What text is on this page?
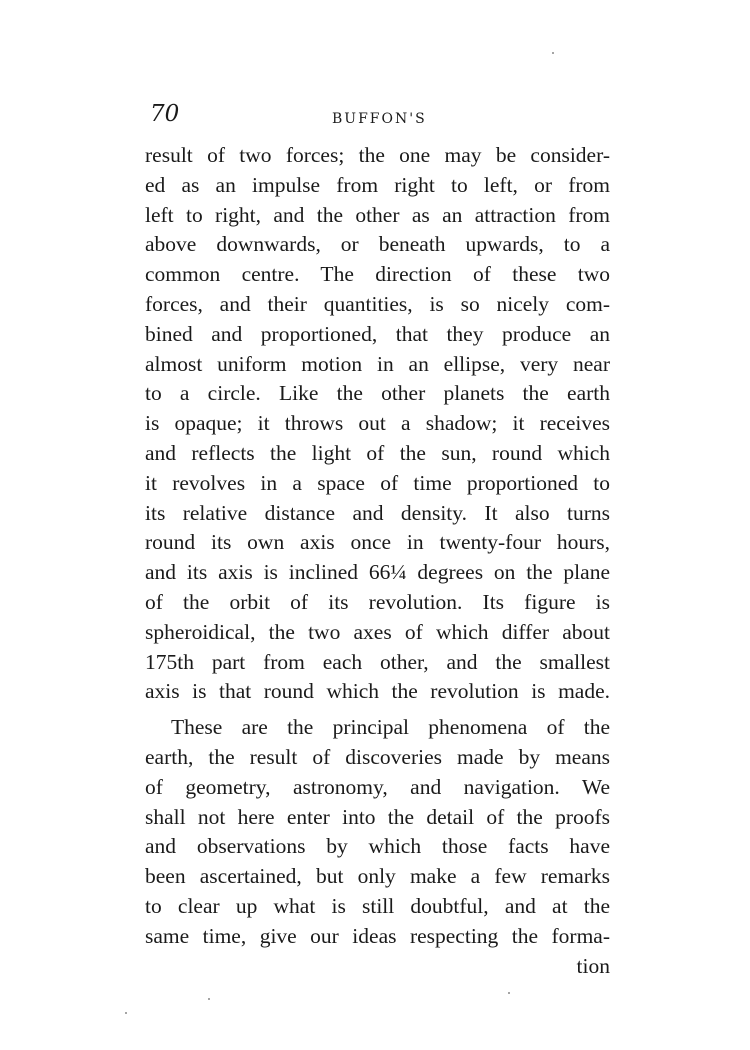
70	BUFFON'S
result of two forces; the one may be consider-
ed as an impulse from right to left, or from
left to right, and the other as an attraction from
above downwards, or beneath upwards, to a
common centre. The direction of these two
forces, and their quantities, is so nicely com-
bined and proportioned, that they produce an
almost uniform motion in an ellipse, very near
to a circle. Like the other planets the earth
is opaque; it throws out a shadow; it receives
and reflects the light of the sun, round which
it revolves in a space of time proportioned to
its relative distance and density. It also turns
round its own axis once in twenty-four hours,
and its axis is inclined 66¼ degrees on the plane
of the orbit of its revolution. Its figure is
spheroidical, the two axes of which differ about
175th part from each other, and the smallest
axis is that round which the revolution is made.
These are the principal phenomena of the
earth, the result of discoveries made by means
of geometry, astronomy, and navigation. We
shall not here enter into the detail of the proofs
and observations by which those facts have
been ascertained, but only make a few remarks
to clear up what is still doubtful, and at the
same time, give our ideas respecting the forma-
tion
